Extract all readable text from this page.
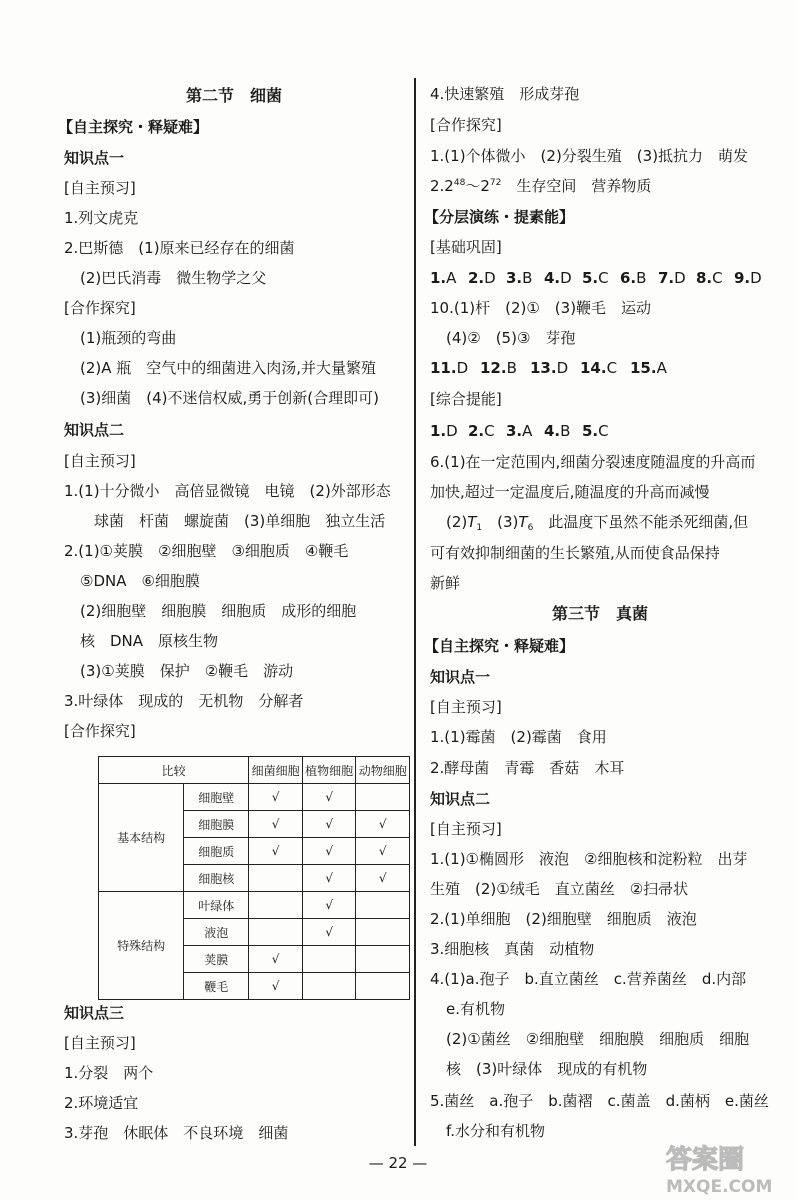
第二节　细菌
【自主探究・释疑难】
知识点一
[自主预习]
1.列文虎克
2.巴斯德　(1)原来已经存在的细菌
(2)巴氏消毒　微生物学之父
[合作探究]
(1)瓶颈的弯曲
(2)A 瓶　空气中的细菌进入肉汤,并大量繁殖
(3)细菌　(4)不迷信权威,勇于创新(合理即可)
知识点二
[自主预习]
1.(1)十分微小　高倍显微镜　电镜　(2)外部形态
球菌　杆菌　螺旋菌　(3)单细胞　独立生活
2.(1)①荚膜　②细胞壁　③细胞质　④鞭毛
⑤DNA　⑥细胞膜
(2)细胞壁　细胞膜　细胞质　成形的细胞
核　DNA　原核生物
(3)①荚膜　保护　②鞭毛　游动
3.叶绿体　现成的　无机物　分解者
[合作探究]
比较		细菌细胞	植物细胞	动物细胞
基本结构	细胞壁	√	√	
	细胞膜	√	√	√
	细胞质	√	√	√
	细胞核		√	√
特殊结构	叶绿体		√	
	液泡		√	
	荚膜	√		
	鞭毛	√		
知识点三
[自主预习]
1.分裂　两个
2.环境适宜
3.芽孢　休眠体　不良环境　细菌
4.快速繁殖　形成芽孢
[合作探究]
1.(1)个体微小　(2)分裂生殖　(3)抵抗力　萌发
$2.2^{48}\sim 2^{72}$　生存空间　营养物质
【分层演练・提素能】
[基础巩固]
1.A 2.D 3.B 4.D 5.C 6.B 7.D 8.C 9.D
10.(1)杆　(2)①　(3)鞭毛　运动
(4)②　(5)③　芽孢
11.D 12.B 13.D 14.C 15.A
[综合提能]
1.D 2.C 3.A 4.B 5.C
6.(1)在一定范围内,细菌分裂速度随温度的升高而
加快,超过一定温度后,随温度的升高而减慢
$(2)T_1$　$(3)T_6$　此温度下虽然不能杀死细菌,但
可有效抑制细菌的生长繁殖,从而使食品保持
新鲜
第三节　真菌
【自主探究・释疑难】
知识点一
[自主预习]
1.(1)霉菌　(2)霉菌　食用
2.酵母菌　青霉　香菇　木耳
知识点二
[自主预习]
1.(1)①椭圆形　液泡　②细胞核和淀粉粒　出芽
生殖　(2)①绒毛　直立菌丝　②扫帚状
2.(1)单细胞　(2)细胞壁　细胞质　液泡
3.细胞核　真菌　动植物
4.(1)a.孢子　b.直立菌丝　c.营养菌丝　d.内部
e.有机物
(2)①菌丝　②细胞壁　细胞膜　细胞质　细胞
核　(3)叶绿体　现成的有机物
5.菌丝　a.孢子　b.菌褶　c.菌盖　d.菌柄　e.菌丝
f.水分和有机物
— 22 —	答案圈
MXQE.COM
